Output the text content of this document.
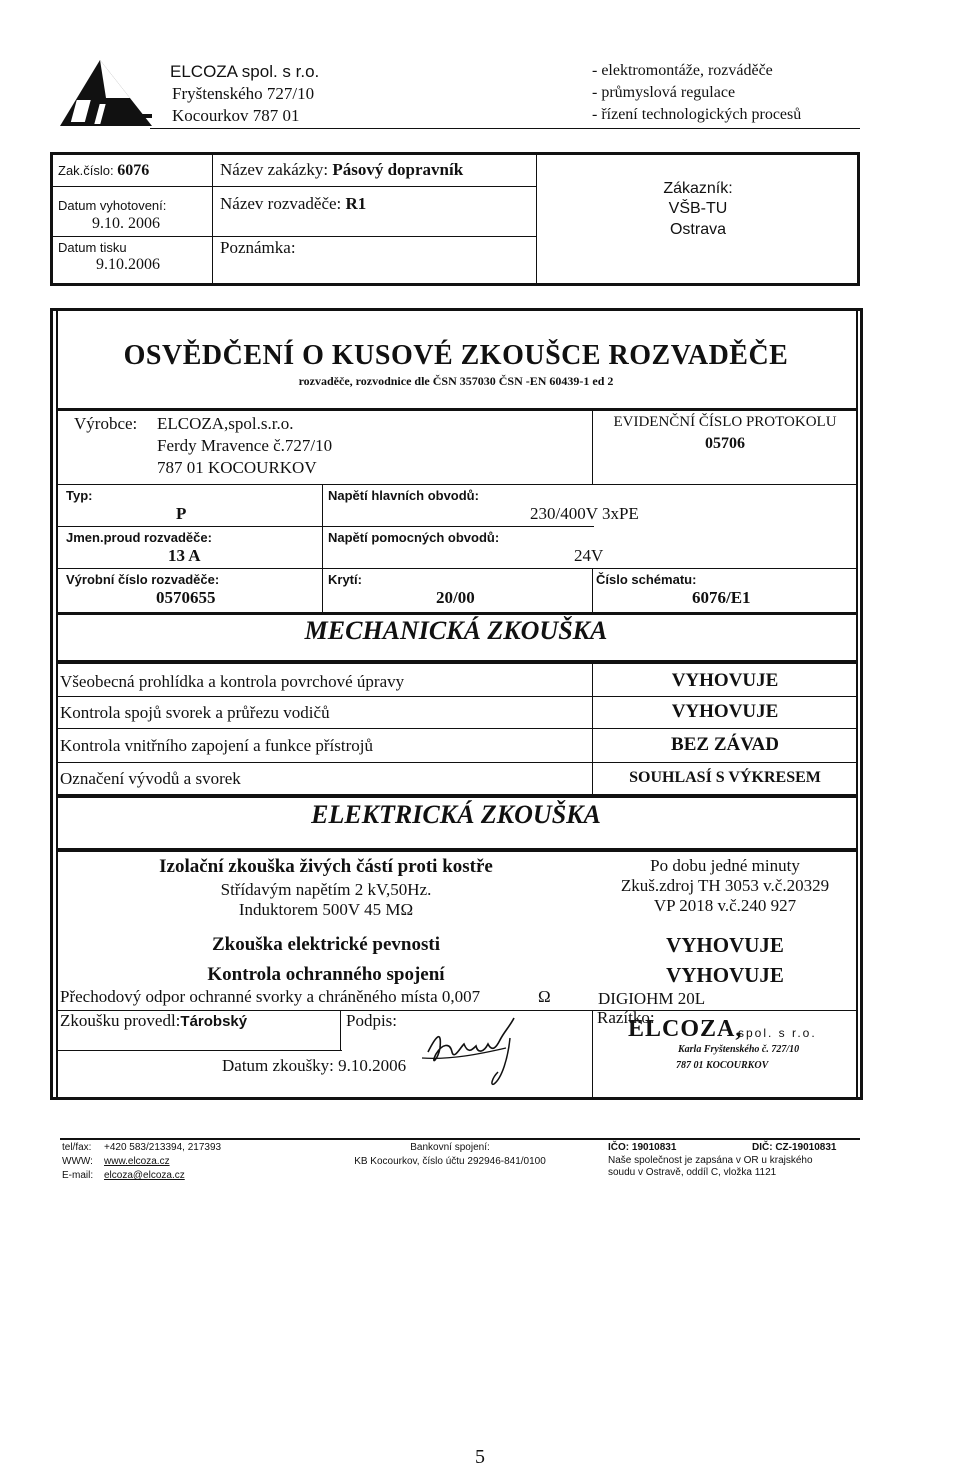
ELCOZA spol. s r.o.
Fryštenského 727/10
Kocourkov 787 01
- elektromontáže, rozváděče
- průmyslová regulace
- řízení technologických procesů
Zak.číslo: 6076
Datum vyhotovení:
9.10. 2006
Datum tisku
9.10.2006
Název zakázky: Pásový dopravník
Název rozvaděče: R1
Poznámka:
Zákazník:
VŠB-TU
Ostrava
OSVĚDČENÍ O KUSOVÉ ZKOUŠCE ROZVADĚČE
rozvaděče, rozvodnice dle ČSN 357030 ČSN -EN 60439-1 ed 2
Výrobce: ELCOZA,spol.s.r.o.
Ferdy Mravence č.727/10
787 01 KOCOURKOV
EVIDENČNÍ ČÍSLO PROTOKOLU
05706
Typ:
P
Napětí hlavních obvodů:
230/400V 3xPE
Jmen.proud rozvaděče:
13 A
Napětí pomocných obvodů:
24V
Výrobní číslo rozvaděče:
0570655
Krytí:
20/00
Číslo schématu:
6076/E1
MECHANICKÁ ZKOUŠKA
Všeobecná prohlídka a kontrola povrchové úpravy	VYHOVUJE
Kontrola spojů svorek a průřezu vodičů	VYHOVUJE
Kontrola vnitřního zapojení a funkce přístrojů	BEZ ZÁVAD
Označení vývodů a svorek	SOUHLASÍ S VÝKRESEM
ELEKTRICKÁ ZKOUŠKA
Izolační zkouška živých částí proti kostře
Střídavým napětím 2 kV,50Hz.
Induktorem 500V 45 MΩ
Po dobu jedné minuty
Zkuš.zdroj TH 3053 v.č.20329
VP 2018 v.č.240 927
Zkouška elektrické pevnosti	VYHOVUJE
Kontrola ochranného spojení	VYHOVUJE
Přechodový odpor ochranné svorky a chráněného místa 0,007	Ω	DIGIOHM 20L
Zkoušku provedl:Tárobský	Podpis:
Datum zkoušky: 9.10.2006
Razítko:
ELCOZA,
spol. s r.o.
Karla Fryštenského č. 727/10
787 01 KOCOURKOV
tel/fax: +420 583/213394, 217393
WWW: www.elcoza.cz
E-mail: elcoza@elcoza.cz
Bankovní spojení:
KB Kocourkov, číslo účtu 292946-841/0100
IČO: 19010831	DIČ: CZ-19010831
Naše společnost je zapsána v OR u krajského
soudu v Ostravě, oddíl C, vložka 1121
5
